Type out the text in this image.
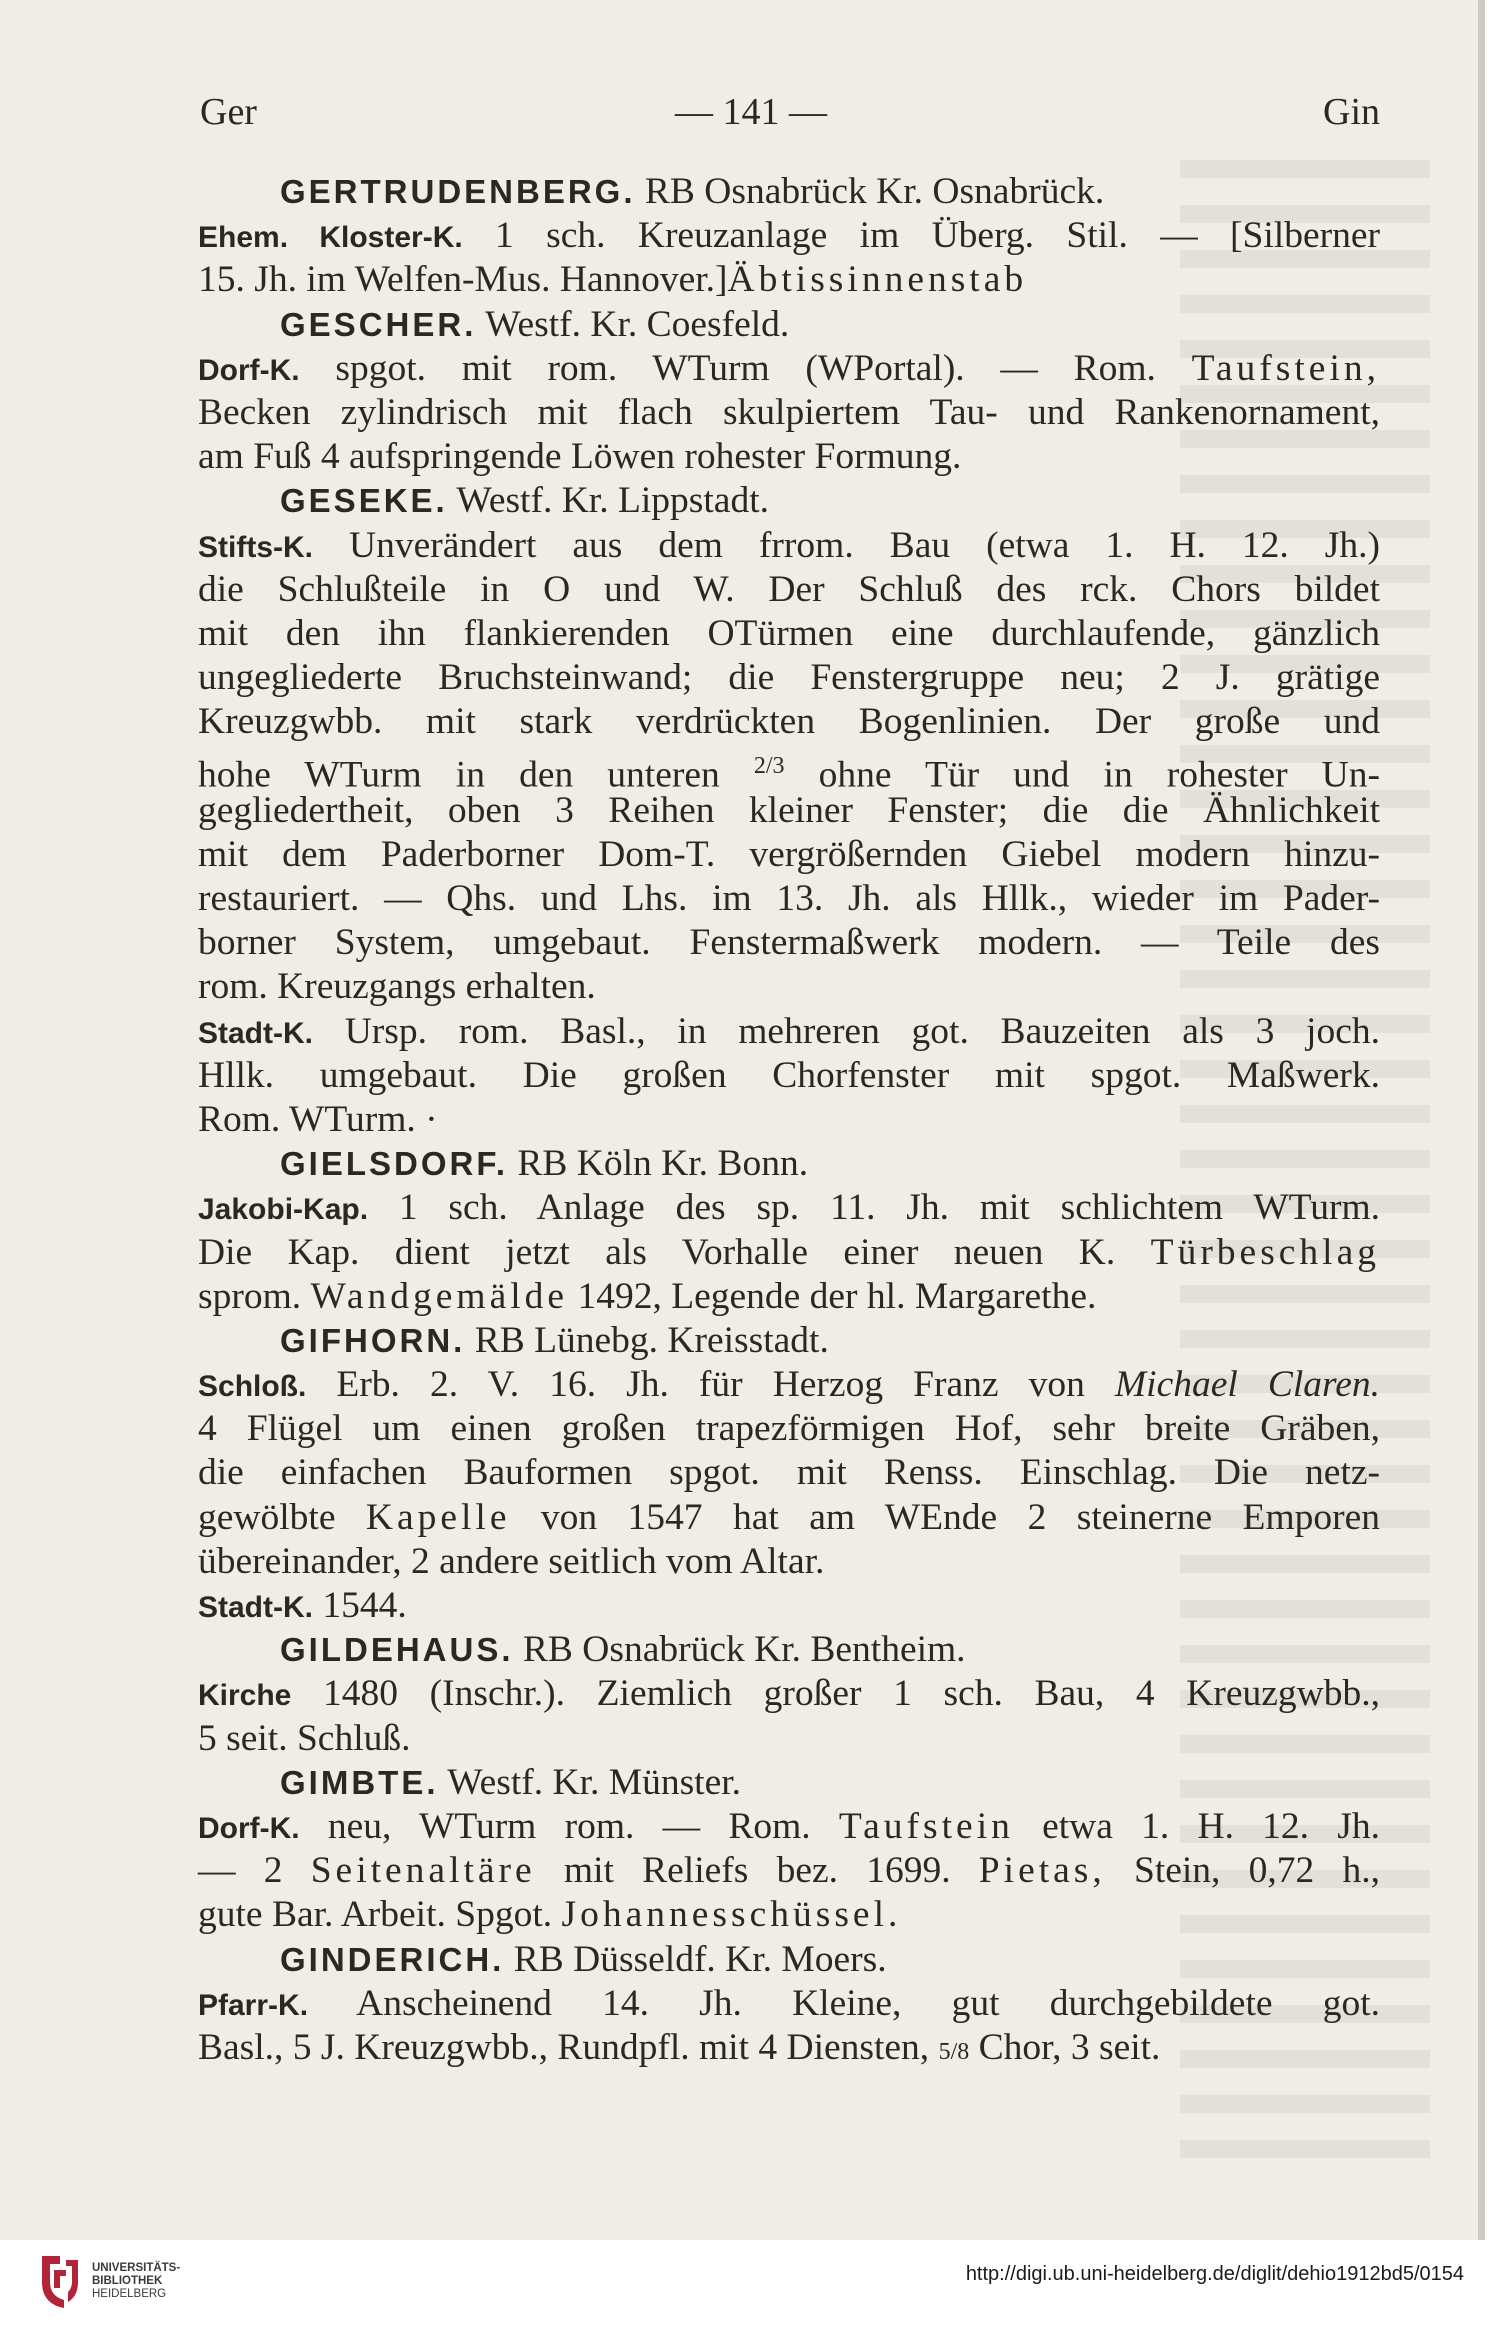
Ger	— 141 —	Gin
GERTRUDENBERG. RB Osnabrück Kr. Osnabrück.
Ehem. Kloster-K. 1 sch. Kreuzanlage im Überg. Stil. — [Silberner
15. Jh. im Welfen-Mus. Hannover.]Äbtissinnenstab
GESCHER. Westf. Kr. Coesfeld.
Dorf-K. spgot. mit rom. WTurm (WPortal). — Rom. Taufstein,
Becken zylindrisch mit flach skulpiertem Tau- und Rankenornament,
am Fuß 4 aufspringende Löwen rohester Formung.
GESEKE. Westf. Kr. Lippstadt.
Stifts-K. Unverändert aus dem frrom. Bau (etwa 1. H. 12. Jh.)
die Schlußteile in O und W. Der Schluß des rck. Chors bildet
mit den ihn flankierenden OTürmen eine durchlaufende, gänzlich
ungegliederte Bruchsteinwand; die Fenstergruppe neu; 2 J. grätige
Kreuzgwbb. mit stark verdrückten Bogenlinien. Der große und
hohe WTurm in den unteren $^{2/3}$ ohne Tür und in rohester Un-
gegliedertheit, oben 3 Reihen kleiner Fenster; die die Ähnlichkeit
mit dem Paderborner Dom-T. vergrößernden Giebel modern hinzu-
restauriert. — Qhs. und Lhs. im 13. Jh. als Hllk., wieder im Pader-
borner System, umgebaut. Fenstermaßwerk modern. — Teile des
rom. Kreuzgangs erhalten.
Stadt-K. Ursp. rom. Basl., in mehreren got. Bauzeiten als 3 joch.
Hllk. umgebaut. Die großen Chorfenster mit spgot. Maßwerk.
Rom. WTurm. ·
GIELSDORF. RB Köln Kr. Bonn.
Jakobi-Kap. 1 sch. Anlage des sp. 11. Jh. mit schlichtem WTurm.
Die Kap. dient jetzt als Vorhalle einer neuen K. Türbeschlag
sprom. Wandgemälde 1492, Legende der hl. Margarethe.
GIFHORN. RB Lünebg. Kreisstadt.
Schloß. Erb. 2. V. 16. Jh. für Herzog Franz von Michael Claren.
4 Flügel um einen großen trapezförmigen Hof, sehr breite Gräben,
die einfachen Bauformen spgot. mit Renss. Einschlag. Die netz-
gewölbte Kapelle von 1547 hat am WEnde 2 steinerne Emporen
übereinander, 2 andere seitlich vom Altar.
Stadt-K. 1544.
GILDEHAUS. RB Osnabrück Kr. Bentheim.
Kirche 1480 (Inschr.). Ziemlich großer 1 sch. Bau, 4 Kreuzgwbb.,
5 seit. Schluß.
GIMBTE. Westf. Kr. Münster.
Dorf-K. neu, WTurm rom. — Rom. Taufstein etwa 1. H. 12. Jh.
— 2 Seitenaltäre mit Reliefs bez. 1699. Pietas, Stein, 0,72 h.,
gute Bar. Arbeit. Spgot. Johannesschüssel.
GINDERICH. RB Düsseldf. Kr. Moers.
Pfarr-K. Anscheinend 14. Jh. Kleine, gut durchgebildete got.
Basl., 5 J. Kreuzgwbb., Rundpfl. mit 4 Diensten, 5/8 Chor, 3 seit.
UNIVERSITÄTS-
BIBLIOTHEK
HEIDELBERG
http://digi.ub.uni-heidelberg.de/diglit/dehio1912bd5/0154
